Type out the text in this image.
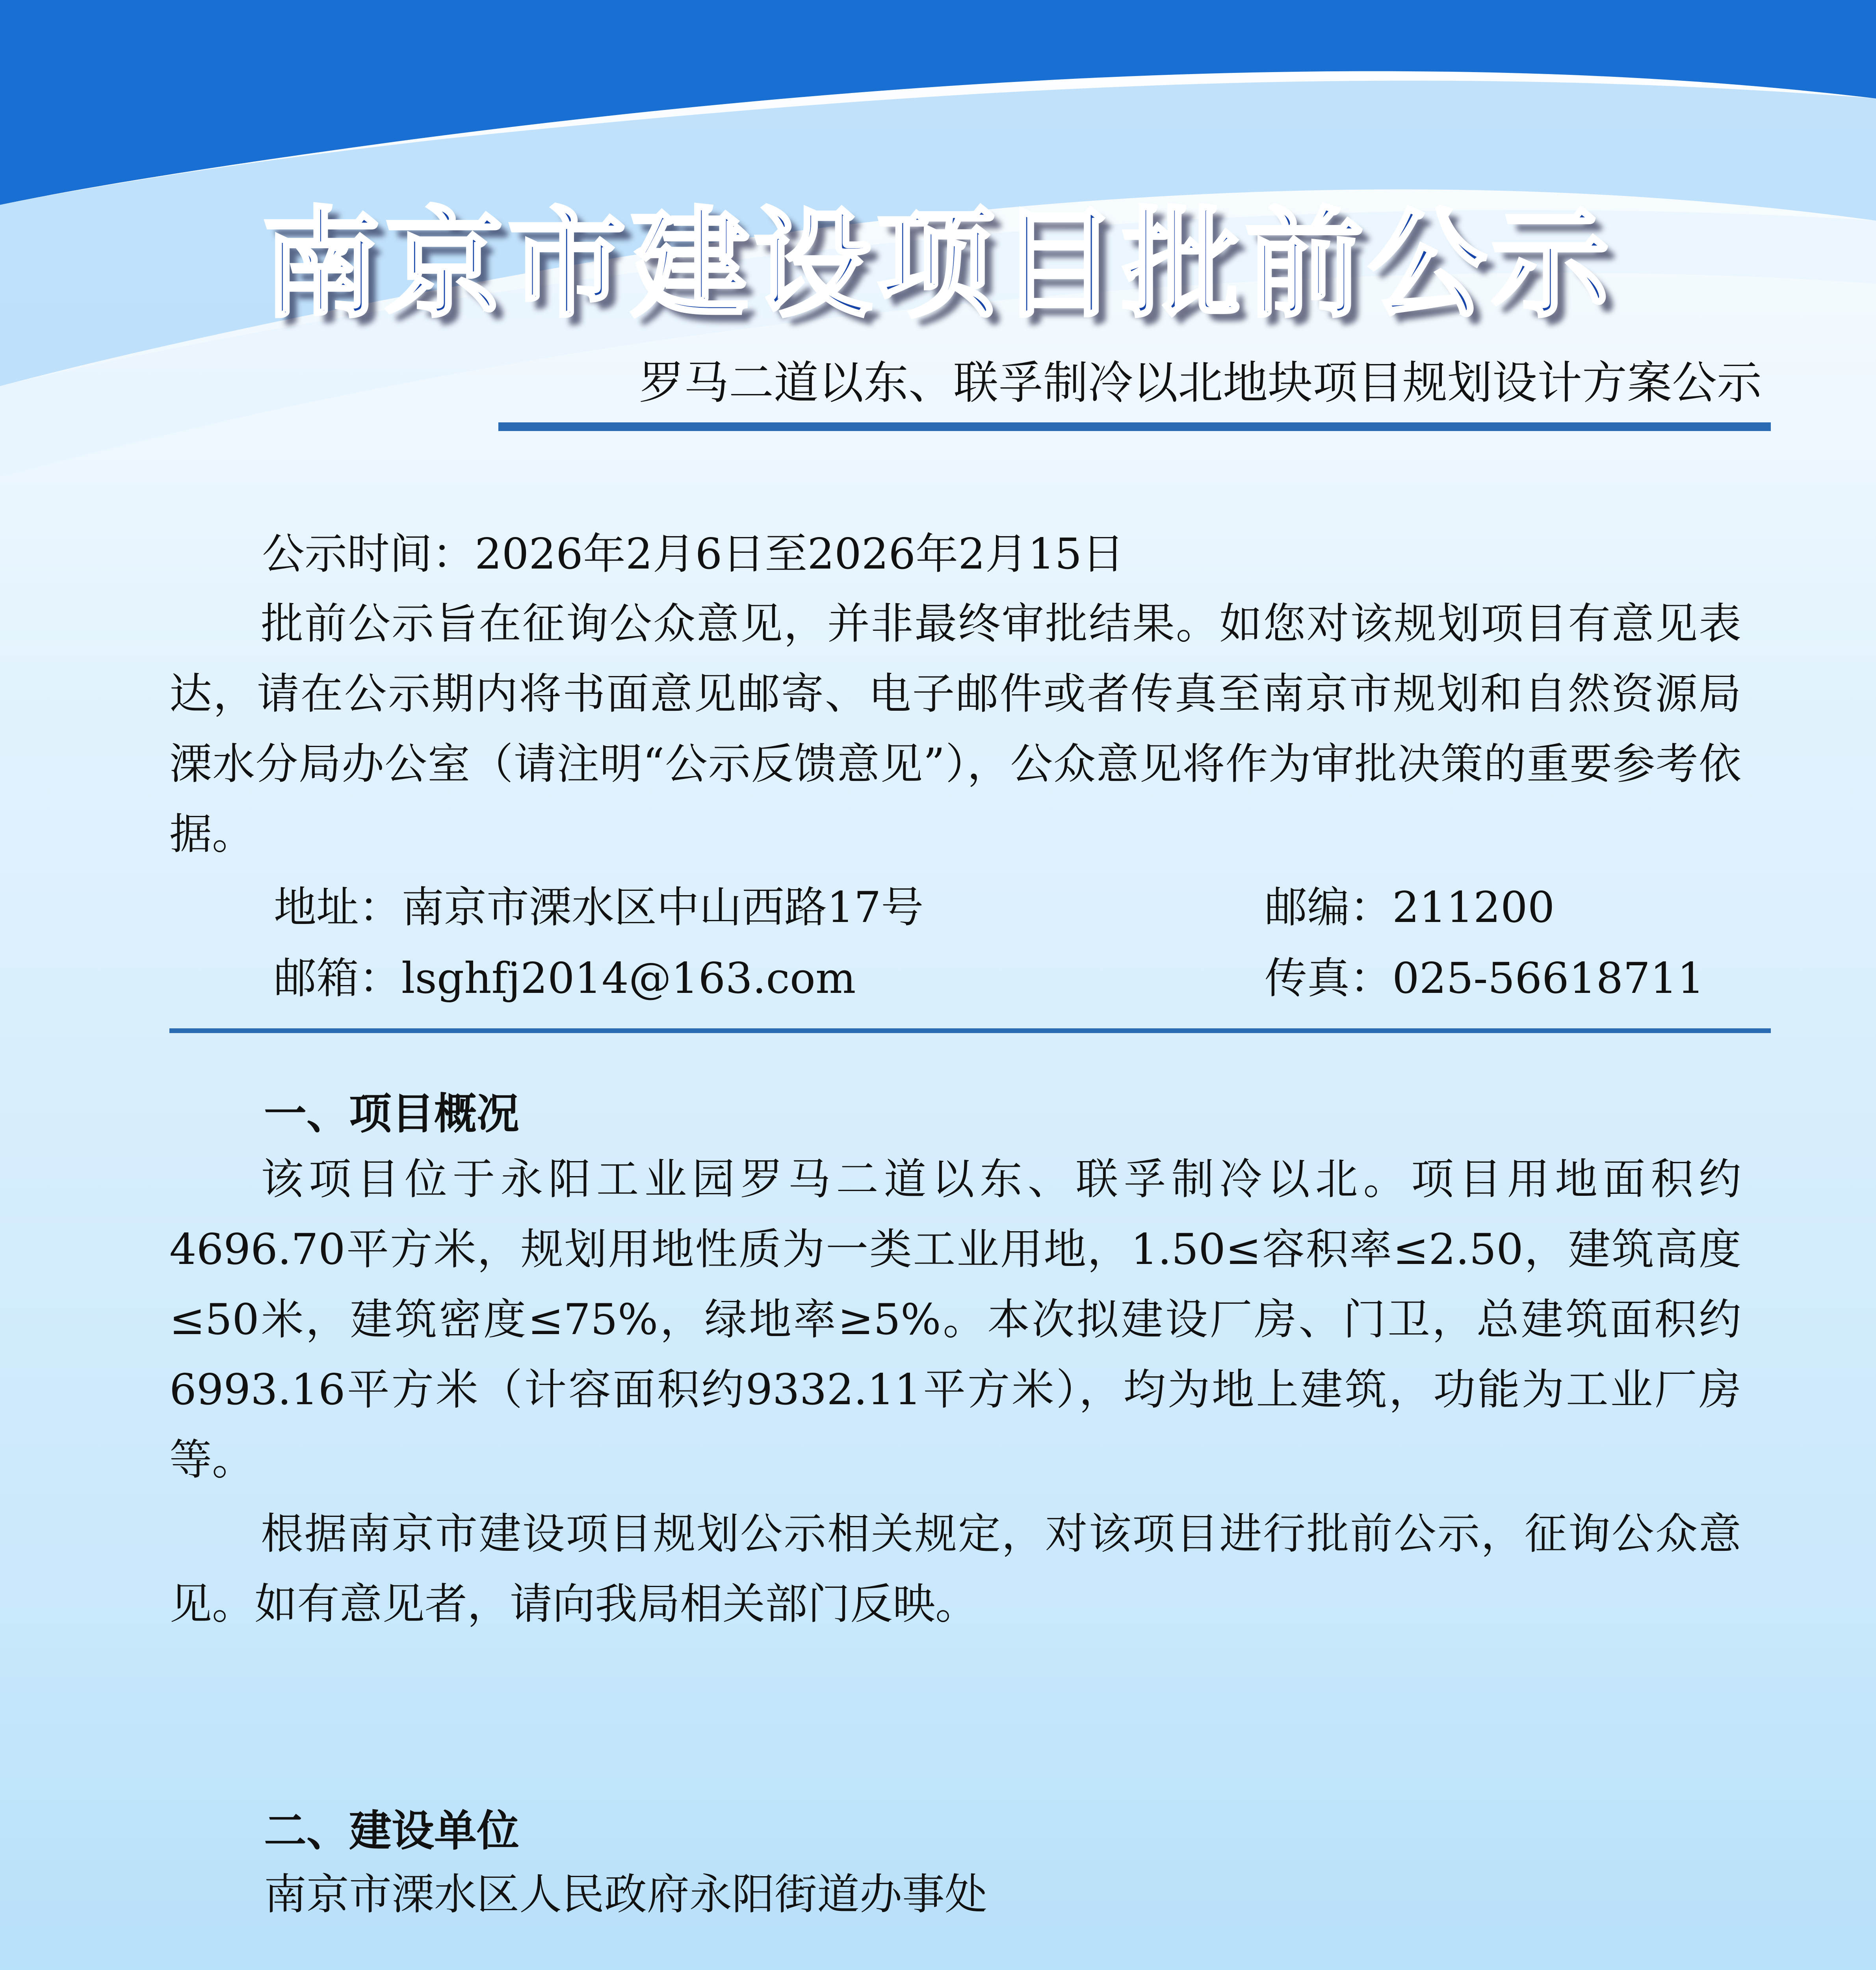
南京市建设项目批前公示

罗马二道以东、联孚制冷以北地块项目规划设计方案公示

公示时间：2026年2月6日至2026年2月15日

批前公示旨在征询公众意见，并非最终审批结果。如您对该规划项目有意见表达，请在公示期内将书面意见邮寄、电子邮件或者传真至南京市规划和自然资源局溧水分局办公室（请注明“公示反馈意见”），公众意见将作为审批决策的重要参考依据。

地址：南京市溧水区中山西路17号	邮编：211200

邮箱：lsghfj2014@163.com	传真：025-56618711

一、项目概况

该项目位于永阳工业园罗马二道以东、联孚制冷以北。项目用地面积约4696.70平方米，规划用地性质为一类工业用地，1.50≤容积率≤2.50，建筑高度≤50米，建筑密度≤75%，绿地率≥5%。本次拟建设厂房、门卫，总建筑面积约6993.16平方米（计容面积约9332.11平方米），均为地上建筑，功能为工业厂房等。

根据南京市建设项目规划公示相关规定，对该项目进行批前公示，征询公众意见。如有意见者，请向我局相关部门反映。

二、建设单位

南京市溧水区人民政府永阳街道办事处
